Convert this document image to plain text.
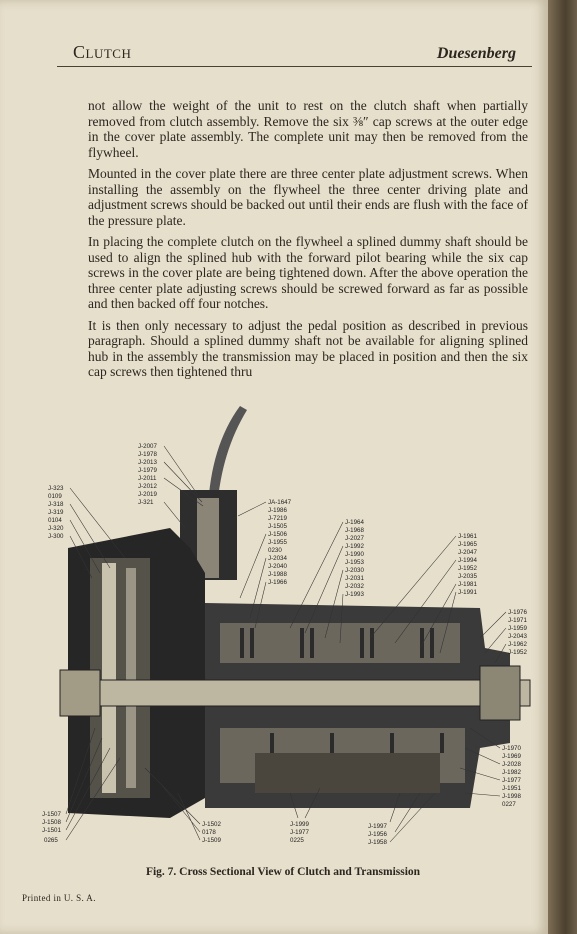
Clutch	Duesenberg

not allow the weight of the unit to rest on the clutch shaft when partially removed from clutch assembly. Remove the six ⅜″ cap screws at the outer edge in the cover plate assembly. The complete unit may then be removed from the flywheel.

Mounted in the cover plate there are three center plate adjustment screws. When installing the assembly on the flywheel the three center driving plate and adjustment screws should be backed out until their ends are flush with the face of the pressure plate.

In placing the complete clutch on the flywheel a splined dummy shaft should be used to align the splined hub with the forward pilot bearing while the six cap screws in the cover plate are being tightened down. After the above operation the three center plate adjusting screws should be screwed forward as far as possible and then backed off four notches.

It is then only necessary to adjust the pedal position as described in previous paragraph. Should a splined dummy shaft not be available for aligning splined hub in the assembly the transmission may be placed in position and then the six cap screws then tightened thru

J-2007
J-1978
J-2013
J-1979
J-2011
J-2012
J-2019
J-321
J-323
0109
J-318
J-319
0104
J-320
J-300
JA-1647
J-1986
J-7219
J-1505
J-1506
J-1955
0230
J-2034
J-2040
J-1988
J-1966
J-1964
J-1968
J-2027
J-1992
J-1990
J-1953
J-2030
J-2031
J-2032
J-1993
J-1961
J-1965
J-2047
J-1994
J-1952
J-2035
J-1981
J-1991
J-1976
J-1971
J-1959
J-2043
J-1962
J-1952
J-1970
J-1969
J-2028
J-1982
J-1977
J-1951
J-1998
0227
J-1507
J-1508
J-1501
0265
J-1502
0178
J-1509
J-1999
J-1977
0225
J-1997
J-1956
J-1958
Fig. 7. Cross Sectional View of Clutch and Transmission
Printed in U. S. A.
